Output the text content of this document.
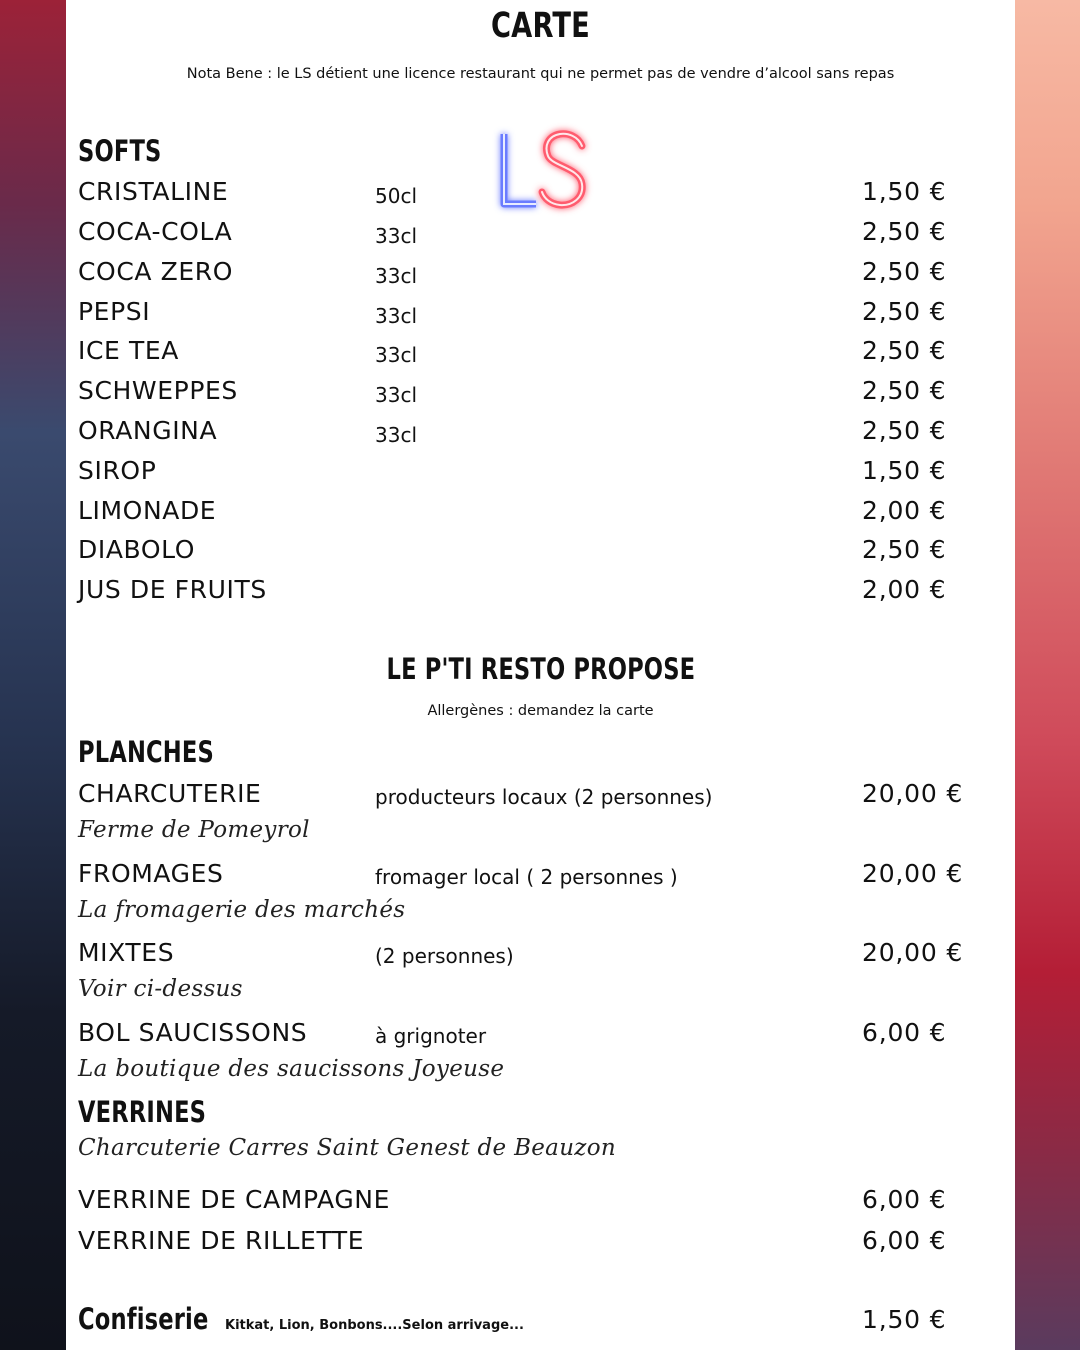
CARTE
Nota Bene : le LS détient une licence restaurant qui ne permet pas de vendre d’alcool sans repas
SOFTS
CRISTALINE	50cl	1,50 €
COCA-COLA	33cl	2,50 €
COCA ZERO	33cl	2,50 €
PEPSI	33cl	2,50 €
ICE TEA	33cl	2,50 €
SCHWEPPES	33cl	2,50 €
ORANGINA	33cl	2,50 €
SIROP	1,50 €
LIMONADE	2,00 €
DIABOLO	2,50 €
JUS DE FRUITS	2,00 €
LE P'TI RESTO PROPOSE
Allergènes : demandez la carte
PLANCHES
CHARCUTERIE	producteurs locaux (2 personnes)	20,00 €
Ferme de Pomeyrol
FROMAGES	fromager local ( 2 personnes )	20,00 €
La fromagerie des marchés
MIXTES	(2 personnes)	20,00 €
Voir ci-dessus
BOL SAUCISSONS	à grignoter	6,00 €
La boutique des saucissons Joyeuse
VERRINES
Charcuterie Carres Saint Genest de Beauzon
VERRINE DE CAMPAGNE	6,00 €
VERRINE DE RILLETTE	6,00 €
Confiserie	Kitkat, Lion, Bonbons....Selon arrivage...	1,50 €
